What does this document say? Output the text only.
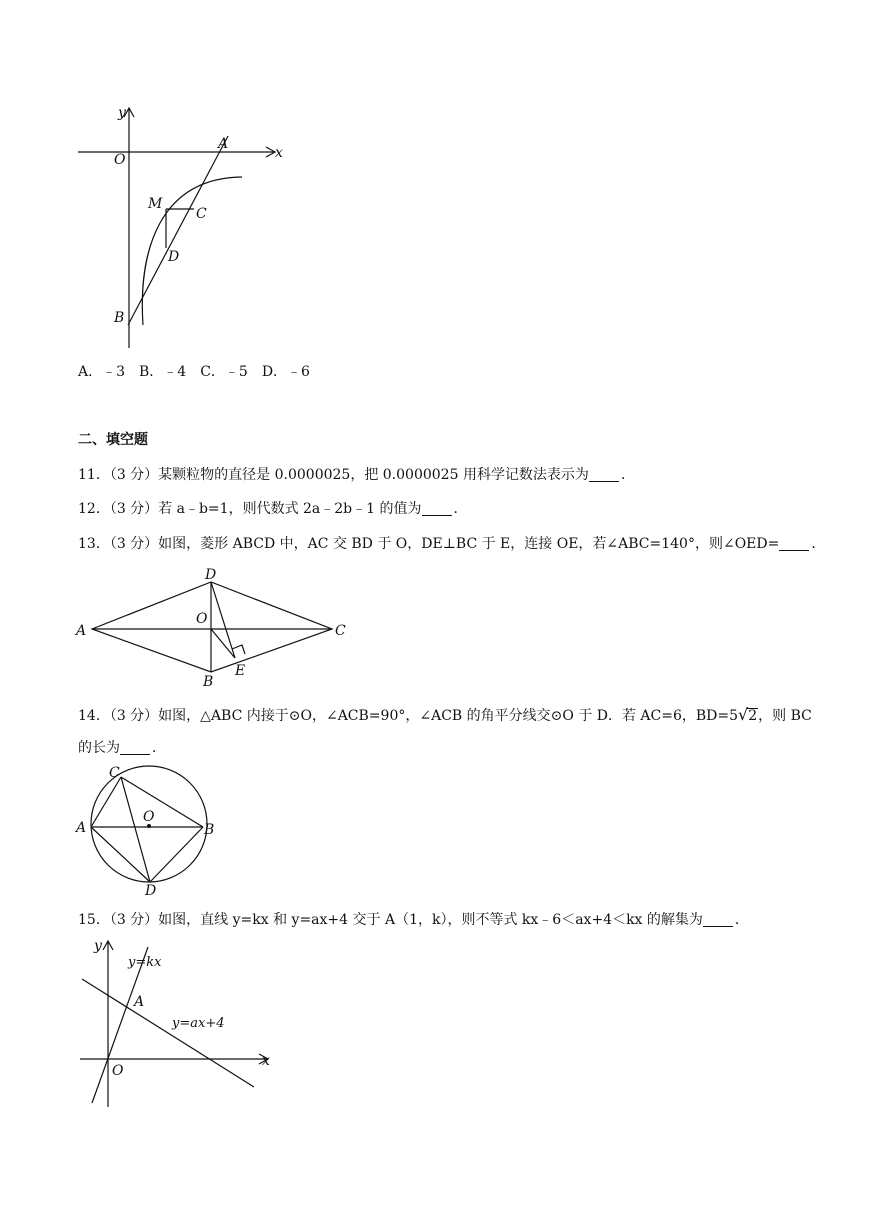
y
x
O
A
M
C
D
B
A．﹣3　B．﹣4　C．﹣5　D．﹣6
二、填空题
11．（3 分）某颗粒物的直径是 0.0000025，把 0.0000025 用科学记数法表示为 ．
12．（3 分）若 a﹣b=1，则代数式 2a﹣2b﹣1 的值为 ．
13．（3 分）如图，菱形 ABCD 中，AC 交 BD 于 O，DE⊥BC 于 E，连接 OE，若∠ABC=140°，则∠OED= ．
A
D
O
C
B
E
14．（3 分）如图，△ABC 内接于⊙O，∠ACB=90°，∠ACB 的角平分线交⊙O 于 D．若 AC=6，BD=5√2，则 BC
的长为 ．
C
A
O
B
D
15．（3 分）如图，直线 y=kx 和 y=ax+4 交于 A（1，k），则不等式 kx﹣6＜ax+4＜kx 的解集为 ．
y
x
O
A
y=kx
y=ax+4
